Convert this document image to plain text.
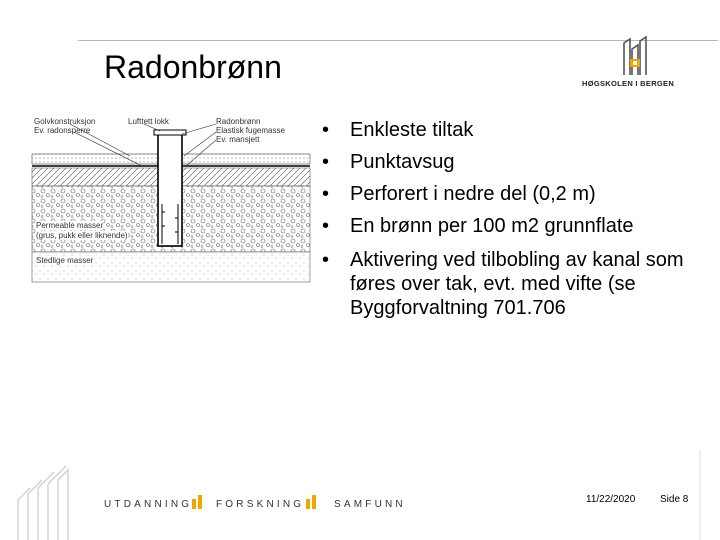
Radonbrønn	HØGSKOLEN I BERGEN
Golvkonstruksjon
Ev. radonsperre
Lufttett lokk	Radonbrønn
Elastisk fugemasse
Ev. mansjett
Permeable masser
(grus, pukk eller liknende)
Stedlige masser
• Enkleste tiltak
• Punktavsug
• Perforert i nedre del (0,2 m)
• En brønn per 100 m2 grunnflate
• Aktivering ved tilbobling av kanal som føres over tak, evt. med vifte (se Byggforvaltning 701.706
UTDANNING FORSKNING	SAMFUNN	11/22/2020 Side 8
